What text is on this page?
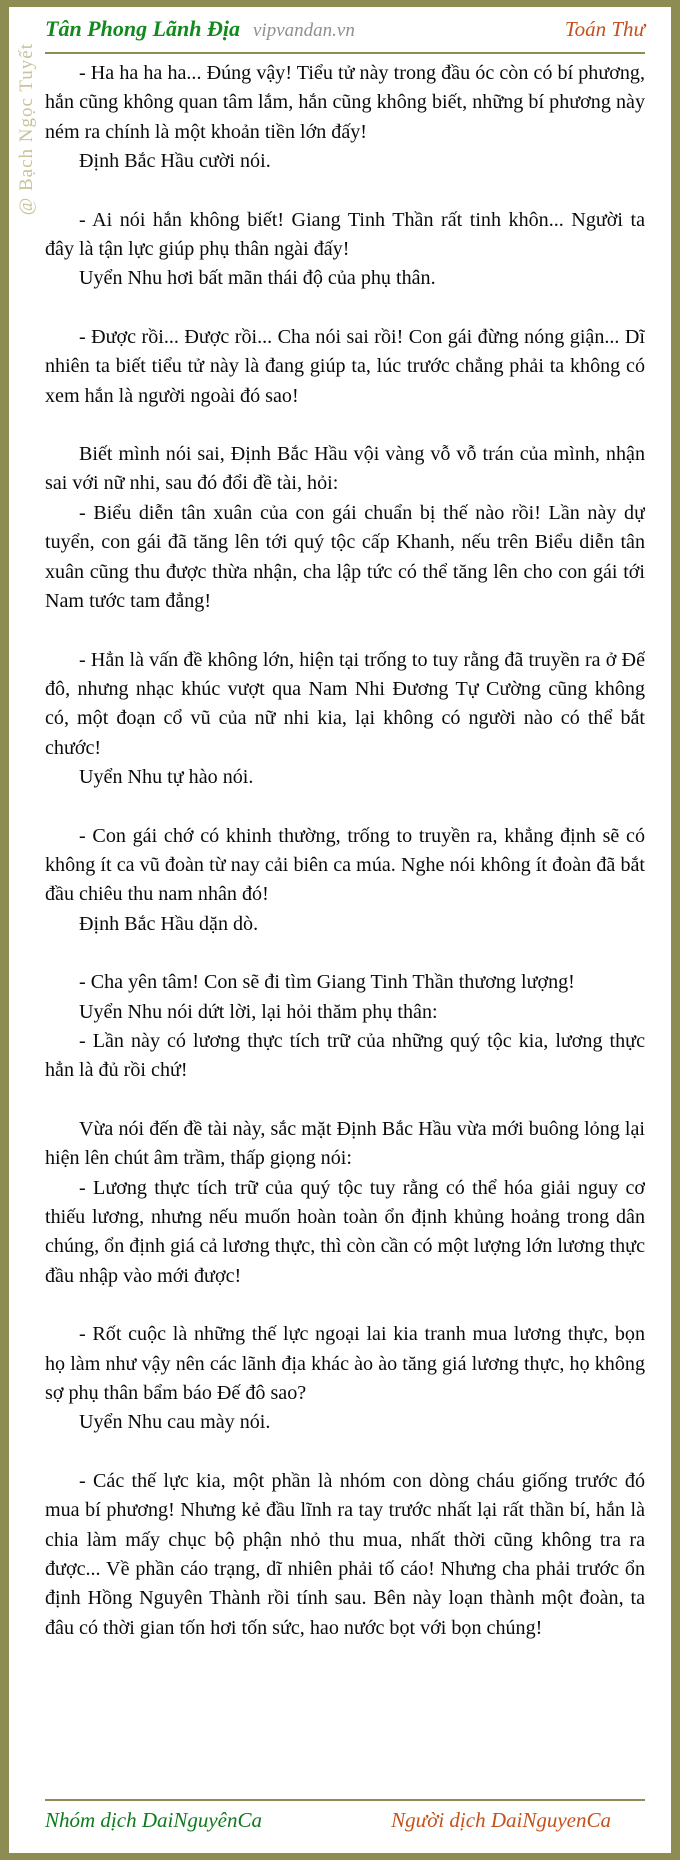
@ Bạch Ngọc Tuyết
Tân Phong Lãnh Địa vipvandan.vn	Toán Thư

- Ha ha ha ha... Đúng vậy! Tiểu tử này trong đầu óc còn có bí phương, hắn cũng không quan tâm lắm, hắn cũng không biết, những bí phương này ném ra chính là một khoản tiền lớn đấy!

Định Bắc Hầu cười nói.

- Ai nói hắn không biết! Giang Tinh Thần rất tinh khôn... Người ta đây là tận lực giúp phụ thân ngài đấy!

Uyển Nhu hơi bất mãn thái độ của phụ thân.

- Được rồi... Được rồi... Cha nói sai rồi! Con gái đừng nóng giận... Dĩ nhiên ta biết tiểu tử này là đang giúp ta, lúc trước chẳng phải ta không có xem hắn là người ngoài đó sao!

Biết mình nói sai, Định Bắc Hầu vội vàng vỗ vỗ trán của mình, nhận sai với nữ nhi, sau đó đổi đề tài, hỏi:

- Biểu diễn tân xuân của con gái chuẩn bị thế nào rồi! Lần này dự tuyển, con gái đã tăng lên tới quý tộc cấp Khanh, nếu trên Biểu diễn tân xuân cũng thu được thừa nhận, cha lập tức có thể tăng lên cho con gái tới Nam tước tam đẳng!

- Hẳn là vấn đề không lớn, hiện tại trống to tuy rằng đã truyền ra ở Đế đô, nhưng nhạc khúc vượt qua Nam Nhi Đương Tự Cường cũng không có, một đoạn cổ vũ của nữ nhi kia, lại không có người nào có thể bắt chước!

Uyển Nhu tự hào nói.

- Con gái chớ có khinh thường, trống to truyền ra, khẳng định sẽ có không ít ca vũ đoàn từ nay cải biên ca múa. Nghe nói không ít đoàn đã bắt đầu chiêu thu nam nhân đó!

Định Bắc Hầu dặn dò.

- Cha yên tâm! Con sẽ đi tìm Giang Tinh Thần thương lượng!

Uyển Nhu nói dứt lời, lại hỏi thăm phụ thân:

- Lần này có lương thực tích trữ của những quý tộc kia, lương thực hẳn là đủ rồi chứ!

Vừa nói đến đề tài này, sắc mặt Định Bắc Hầu vừa mới buông lỏng lại hiện lên chút âm trầm, thấp giọng nói:

- Lương thực tích trữ của quý tộc tuy rằng có thể hóa giải nguy cơ thiếu lương, nhưng nếu muốn hoàn toàn ổn định khủng hoảng trong dân chúng, ổn định giá cả lương thực, thì còn cần có một lượng lớn lương thực đầu nhập vào mới được!

- Rốt cuộc là những thế lực ngoại lai kia tranh mua lương thực, bọn họ làm như vậy nên các lãnh địa khác ào ào tăng giá lương thực, họ không sợ phụ thân bẩm báo Đế đô sao?

Uyển Nhu cau mày nói.

- Các thế lực kia, một phần là nhóm con dòng cháu giống trước đó mua bí phương! Nhưng kẻ đầu lĩnh ra tay trước nhất lại rất thần bí, hắn là chia làm mấy chục bộ phận nhỏ thu mua, nhất thời cũng không tra ra được... Về phần cáo trạng, dĩ nhiên phải tố cáo! Nhưng cha phải trước ổn định Hồng Nguyên Thành rồi tính sau. Bên này loạn thành một đoàn, ta đâu có thời gian tốn hơi tốn sức, hao nước bọt với bọn chúng!

Nhóm dịch DaiNguyênCa	Người dịch DaiNguyenCa
